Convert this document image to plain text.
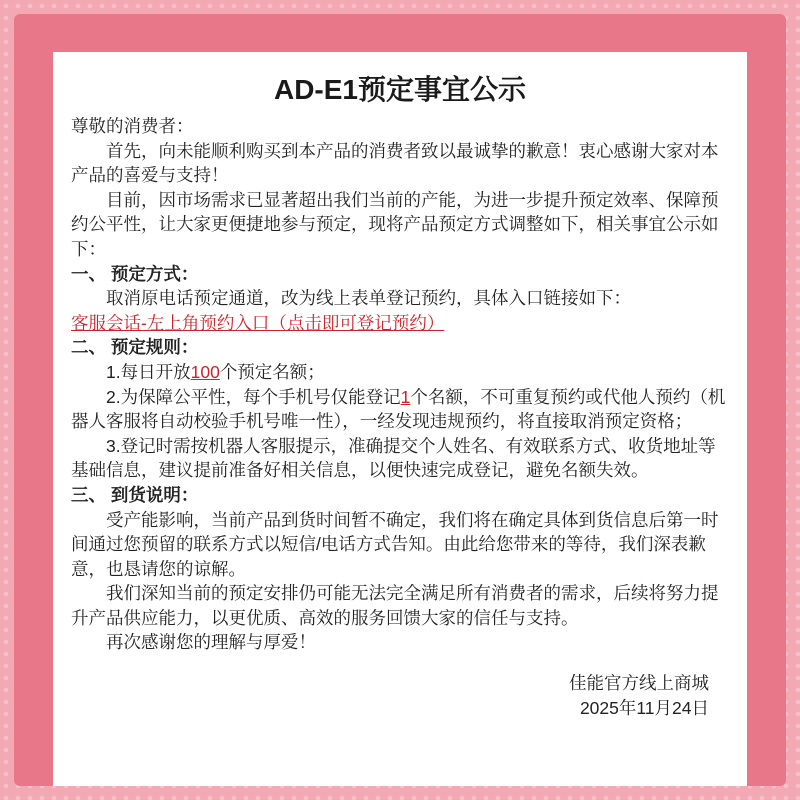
AD-E1预定事宜公示

尊敬的消费者：

首先，向未能顺利购买到本产品的消费者致以最诚挚的歉意！衷心感谢大家对本产品的喜爱与支持！

目前，因市场需求已显著超出我们当前的产能，为进一步提升预定效率、保障预约公平性，让大家更便捷地参与预定，现将产品预定方式调整如下，相关事宜公示如下：

一、 预定方式：

取消原电话预定通道，改为线上表单登记预约，具体入口链接如下：

客服会话-左上角预约入口（点击即可登记预约）

二、 预定规则：

1.每日开放100个预定名额；

2.为保障公平性，每个手机号仅能登记1个名额，不可重复预约或代他人预约（机器人客服将自动校验手机号唯一性），一经发现违规预约，将直接取消预定资格；

3.登记时需按机器人客服提示，准确提交个人姓名、有效联系方式、收货地址等基础信息，建议提前准备好相关信息，以便快速完成登记，避免名额失效。

三、 到货说明：

受产能影响，当前产品到货时间暂不确定，我们将在确定具体到货信息后第一时间通过您预留的联系方式以短信/电话方式告知。由此给您带来的等待，我们深表歉意，也恳请您的谅解。

我们深知当前的预定安排仍可能无法完全满足所有消费者的需求，后续将努力提升产品供应能力，以更优质、高效的服务回馈大家的信任与支持。

再次感谢您的理解与厚爱！

佳能官方线上商城
2025年11月24日
